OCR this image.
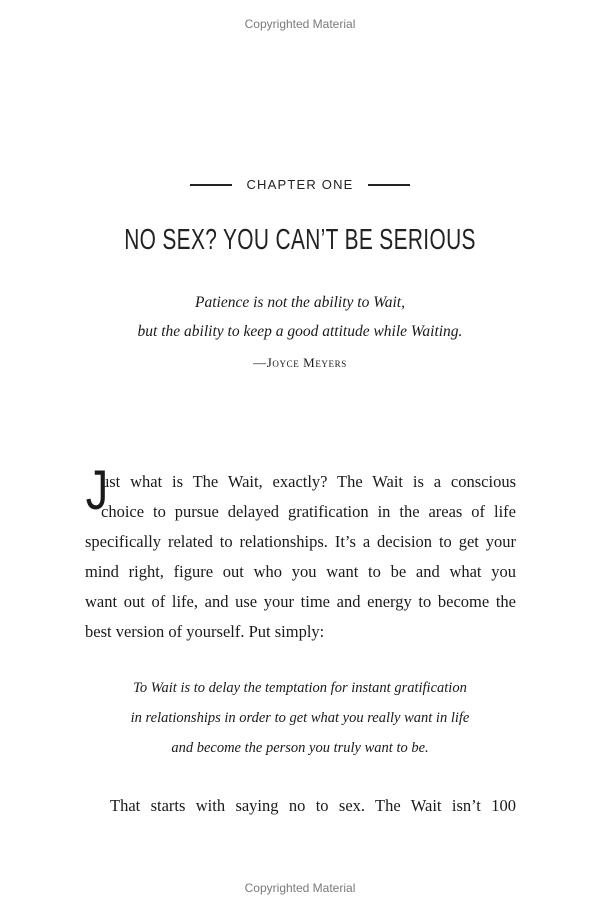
Copyrighted Material
CHAPTER ONE
NO SEX? YOU CAN’T BE SERIOUS
Patience is not the ability to Wait,
but the ability to keep a good attitude while Waiting.
—Joyce Meyers
J
ust what is The Wait, exactly? The Wait is a conscious
choice to pursue delayed gratification in the areas of life
specifically related to relationships. It’s a decision to get your
mind right, figure out who you want to be and what you
want out of life, and use your time and energy to become the
best version of yourself. Put simply:
To Wait is to delay the temptation for instant gratification
in relationships in order to get what you really want in life
and become the person you truly want to be.
That starts with saying no to sex. The Wait isn’t 100
Copyrighted Material
